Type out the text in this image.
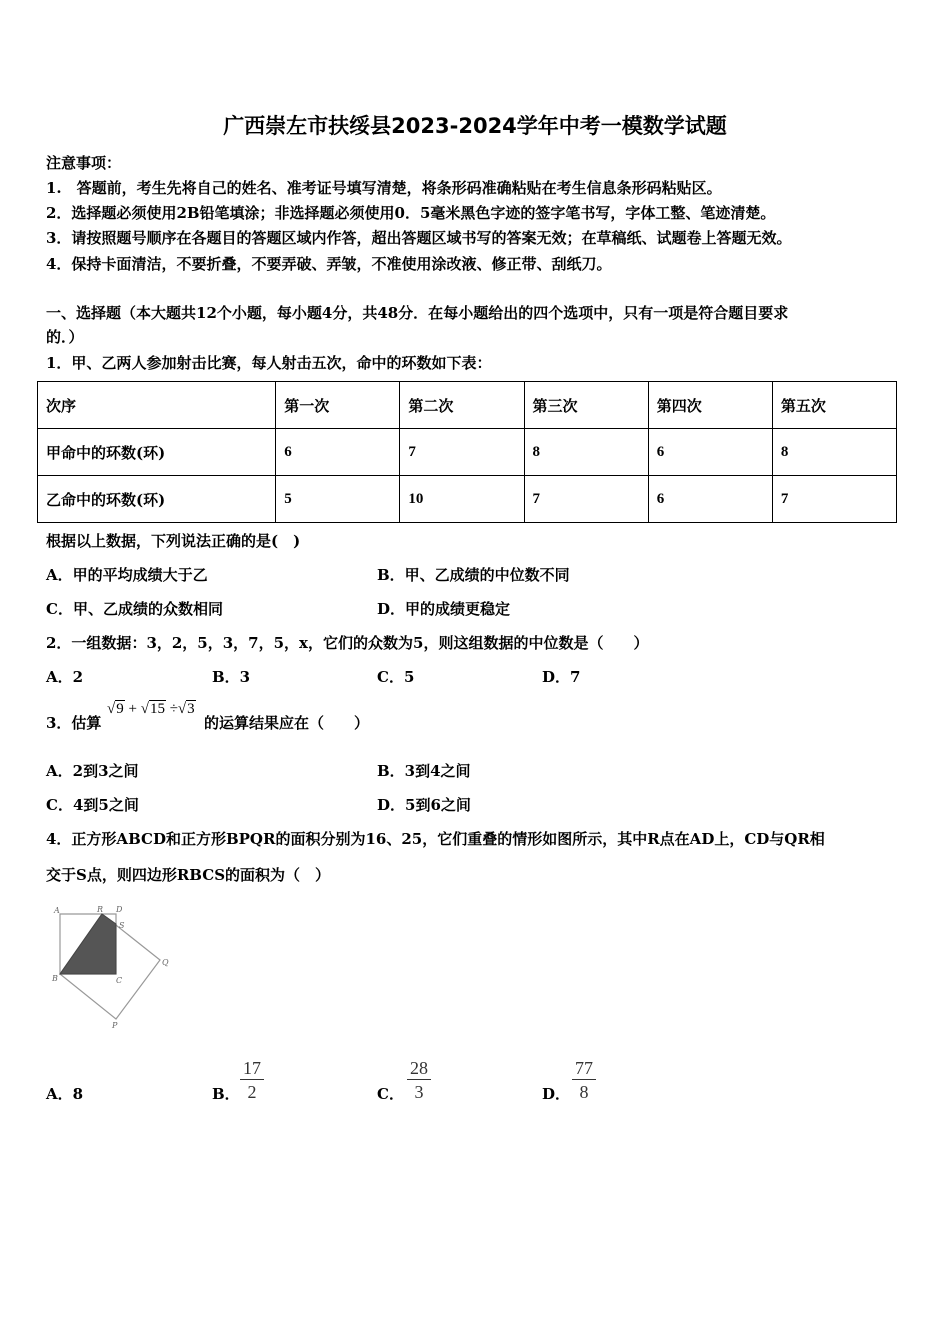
广西崇左市扶绥县2023-2024学年中考一模数学试题
注意事项：
1.　答题前，考生先将自己的姓名、准考证号填写清楚，将条形码准确粘贴在考生信息条形码粘贴区。
2．选择题必须使用2B铅笔填涂；非选择题必须使用0．5毫米黑色字迹的签字笔书写，字体工整、笔迹清楚。
3．请按照题号顺序在各题目的答题区域内作答，超出答题区域书写的答案无效；在草稿纸、试题卷上答题无效。
4．保持卡面清洁，不要折叠，不要弄破、弄皱，不准使用涂改液、修正带、刮纸刀。
一、选择题（本大题共12个小题，每小题4分，共48分．在每小题给出的四个选项中，只有一项是符合题目要求
的．）
1．甲、乙两人参加射击比赛，每人射击五次，命中的环数如下表：
次序	第一次	第二次	第三次	第四次	第五次
甲命中的环数(环)	6	7	8	6	8
乙命中的环数(环)	5	10	7	6	7
根据以上数据，下列说法正确的是(　)
A．甲的平均成绩大于乙	B．甲、乙成绩的中位数不同
C．甲、乙成绩的众数相同	D．甲的成绩更稳定
2．一组数据：3，2，5，3，7，5，x，它们的众数为5，则这组数据的中位数是（　　）
A．2	B．3	C．5	D．7
3．估算
√9 + √15 ÷√3
的运算结果应在（　　）
A．2到3之间	B．3到4之间
C．4到5之间	D．5到6之间
4．正方形ABCD和正方形BPQR的面积分别为16、25，它们重叠的情形如图所示，其中R点在AD上，CD与QR相
交于S点，则四边形RBCS的面积为（　）
A	R D
S
B	C
Q
P
A．8	B． $\frac{17}{2}$	C． $\frac{28}{3}$	D． $\frac{77}{8}$
